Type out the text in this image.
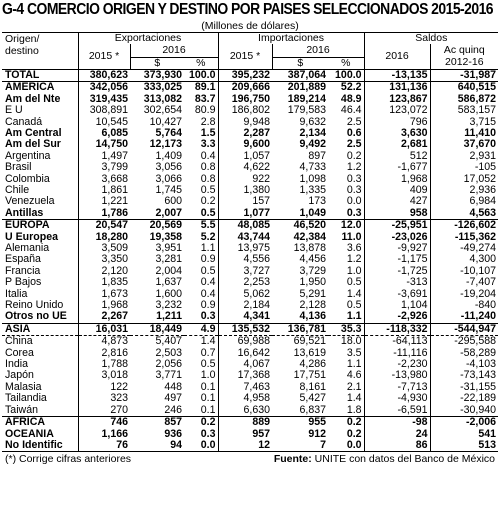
G-4 COMERCIO ORIGEN Y DESTINO POR PAISES SELECCIONADOS 2015-2016
(Millones de dólares)
Origen/ destino	Exportaciones			Importaciones			Saldos	
	2015 *	2016		2015 *	2016		2016	Ac quinq 2012-16
		$	%		$	%		
TOTAL	380,623	373,930	100.0	395,232	387,064	100.0	-13,135	-31,987
AMERICA	342,056	333,025	89.1	209,666	201,889	52.2	131,136	640,515
Am del Nte	319,435	313,082	83.7	196,750	189,214	48.9	123,867	586,872
E U	308,891	302,654	80.9	186,802	179,583	46.4	123,072	583,157
Canadá	10,545	10,427	2.8	9,948	9,632	2.5	796	3,715
Am Central	6,085	5,764	1.5	2,287	2,134	0.6	3,630	11,410
Am del Sur	14,750	12,173	3.3	9,600	9,492	2.5	2,681	37,670
Argentina	1,497	1,409	0.4	1,057	897	0.2	512	2,931
Brasil	3,799	3,056	0.8	4,622	4,733	1.2	-1,677	-105
Colombia	3,668	3,066	0.8	922	1,098	0.3	1,968	17,052
Chile	1,861	1,745	0.5	1,380	1,335	0.3	409	2,936
Venezuela	1,221	600	0.2	157	173	0.0	427	6,984
Antillas	1,786	2,007	0.5	1,077	1,049	0.3	958	4,563
EUROPA	20,547	20,569	5.5	48,085	46,520	12.0	-25,951	-126,602
U Europea	18,280	19,358	5.2	43,744	42,384	11.0	-23,026	-115,362
Alemania	3,509	3,951	1.1	13,975	13,878	3.6	-9,927	-49,274
España	3,350	3,281	0.9	4,556	4,456	1.2	-1,175	4,300
Francia	2,120	2,004	0.5	3,727	3,729	1.0	-1,725	-10,107
P Bajos	1,835	1,637	0.4	2,253	1,950	0.5	-313	-7,407
Italia	1,673	1,600	0.4	5,062	5,291	1.4	-3,691	-19,204
Reino Unido	1,968	3,232	0.9	2,184	2,128	0.5	1,104	-840
Otros no UE	2,267	1,211	0.3	4,341	4,136	1.1	-2,926	-11,240
ASIA	16,031	18,449	4.9	135,532	136,781	35.3	-118,332	-544,947
China	4,873	5,407	1.4	69,988	69,521	18.0	-64,113	-295,588
Corea	2,816	2,503	0.7	16,642	13,619	3.5	-11,116	-58,289
India	1,788	2,056	0.5	4,067	4,286	1.1	-2,230	-4,103
Japón	3,018	3,771	1.0	17,368	17,751	4.6	-13,980	-73,143
Malasia	122	448	0.1	7,463	8,161	2.1	-7,713	-31,155
Tailandia	323	497	0.1	4,958	5,427	1.4	-4,930	-22,189
Taiwán	270	246	0.1	6,630	6,837	1.8	-6,591	-30,940
AFRICA	746	857	0.2	889	955	0.2	-98	-2,006
OCEANIA	1,166	936	0.3	957	912	0.2	24	541
No Identific	76	94	0.0	12	7	0.0	86	513
(*) Corrige cifras anteriores	Fuente: UNITE con datos del Banco de México
